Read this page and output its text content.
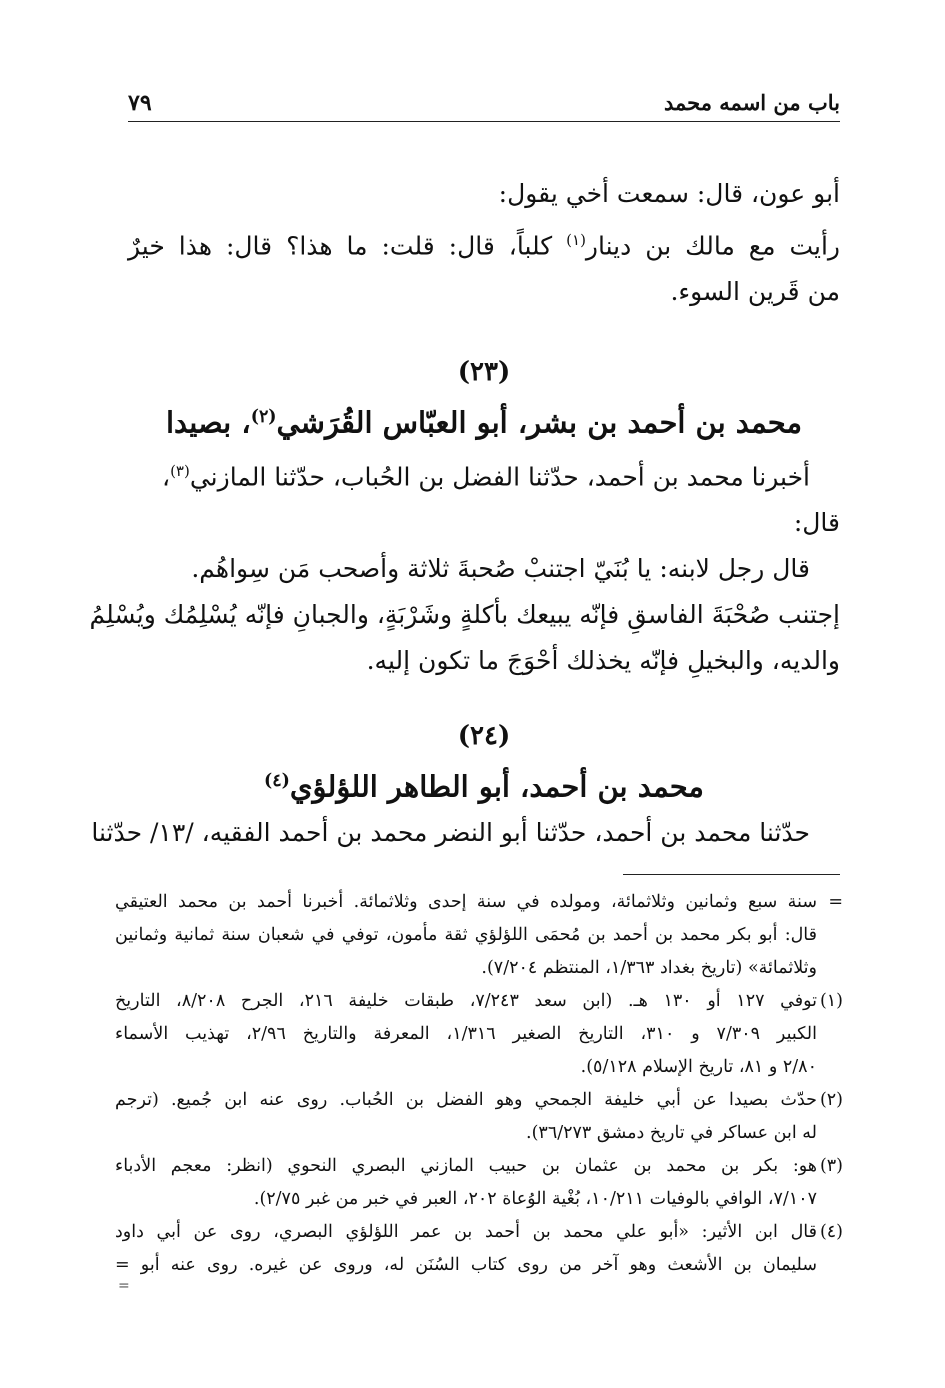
باب من اسمه محمد
٧٩
أبو عون، قال: سمعت أخي يقول:
رأيت مع مالك بن دينار$^{(١)}$ كلباً، قال: قلت: ما هذا؟ قال: هذا خيرٌ
من قَرين السوء.
(٢٣)
محمد بن أحمد بن بشر، أبو العبّاس القُرَشي$^{(٢)}$، بصيدا
أخبرنا محمد بن أحمد، حدّثنا الفضل بن الحُباب، حدّثنا المازني$^{(٣)}$،
قال:
قال رجل لابنه: يا بُنَيّ اجتنبْ صُحبةَ ثلاثة وأصحب مَن سِواهُم.
إجتنب صُحْبَةَ الفاسقِ فإنّه يبيعك بأكلةٍ وشَرْبَةٍ، والجبانِ فإنّه يُسْلِمُك ويُسْلِمُ
والديه، والبخيلِ فإنّه يخذلك أحْوَجَ ما تكون إليه.
(٢٤)
محمد بن أحمد، أبو الطاهر اللؤلؤي$^{(٤)}$
حدّثنا محمد بن أحمد، حدّثنا أبو النضر محمد بن أحمد الفقيه، /١٣/ حدّثنا
=سنة سبع وثمانين وثلاثمائة، ومولده في سنة إحدى وثلاثمائة. أخبرنا أحمد بن محمد العتيقي
قال: أبو بكر محمد بن أحمد بن مُحمَى اللؤلؤي ثقة مأمون، توفي في شعبان سنة ثمانية وثمانين
وثلاثمائة» (تاريخ بغداد ١/٣٦٣، المنتظم ٧/٢٠٤).
(١)توفي ١٢٧ أو ١٣٠ هـ. (ابن سعد ٧/٢٤٣، طبقات خليفة ٢١٦، الجرح ٨/٢٠٨، التاريخ
الكبير ٧/٣٠٩ و ٣١٠، التاريخ الصغير ١/٣١٦، المعرفة والتاريخ ٢/٩٦، تهذيب الأسماء
٢/٨٠ و ٨١، تاريخ الإسلام ٥/١٢٨).
(٢)حدّث بصيدا عن أبي خليفة الجمحي وهو الفضل بن الحُباب. روى عنه ابن جُميع. (ترجم
له ابن عساكر في تاريخ دمشق ٣٦/٢٧٣).
(٣)هو: بكر بن محمد بن عثمان بن حبيب المازني البصري النحوي (انظر: معجم الأدباء
٧/١٠٧، الوافي بالوفيات ١٠/٢١١، بُغْية الوُعاة ٢٠٢، العبر في خبر من غبر ٢/٧٥).
(٤)قال ابن الأثير: «أبو علي محمد بن أحمد بن عمر اللؤلؤي البصري، روى عن أبي داود
سليمان بن الأشعث وهو آخر من روى كتاب السُنَن له، وروى عن غيره. روى عنه أبو =
=
